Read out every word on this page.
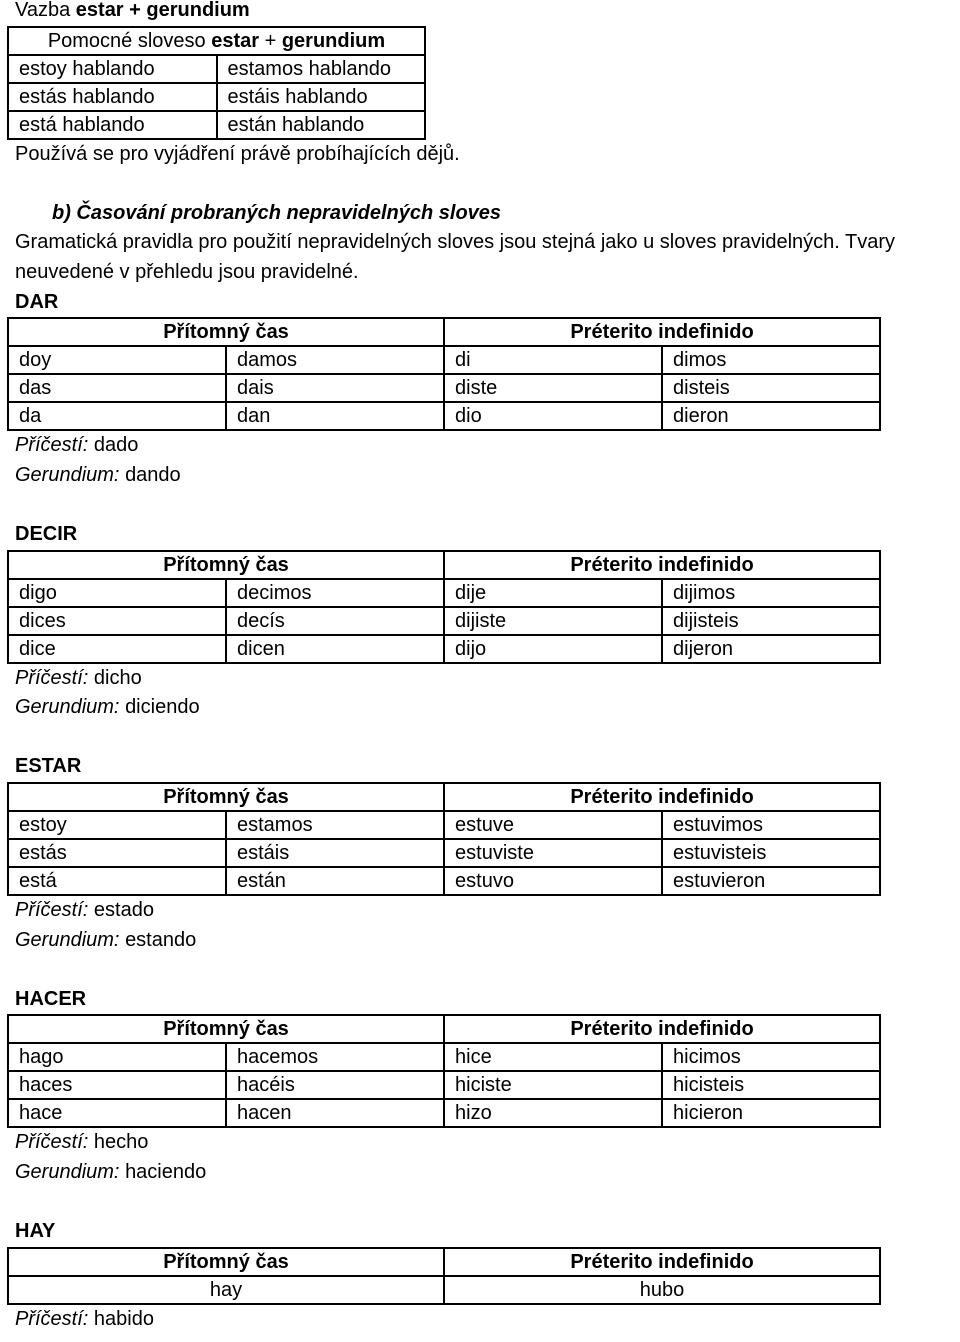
Vazba estar + gerundium
Pomocné sloveso estar + gerundium	
estoy hablando	estamos hablando
estás hablando	estáis hablando
está hablando	están hablando
Používá se pro vyjádření právě probíhajících dějů.
b) Časování probraných nepravidelných sloves
Gramatická pravidla pro použití nepravidelných sloves jsou stejná jako u sloves pravidelných. Tvary
neuvedené v přehledu jsou pravidelné.
DAR
Přítomný čas		Préterito indefinido	
doy	damos	di	dimos
das	dais	diste	disteis
da	dan	dio	dieron
Příčestí: dado
Gerundium: dando
DECIR
Přítomný čas		Préterito indefinido	
digo	decimos	dije	dijimos
dices	decís	dijiste	dijisteis
dice	dicen	dijo	dijeron
Příčestí: dicho
Gerundium: diciendo
ESTAR
Přítomný čas		Préterito indefinido	
estoy	estamos	estuve	estuvimos
estás	estáis	estuviste	estuvisteis
está	están	estuvo	estuvieron
Příčestí: estado
Gerundium: estando
HACER
Přítomný čas		Préterito indefinido	
hago	hacemos	hice	hicimos
haces	hacéis	hiciste	hicisteis
hace	hacen	hizo	hicieron
Příčestí: hecho
Gerundium: haciendo
HAY
Přítomný čas	Préterito indefinido
hay	hubo
Příčestí: habido
